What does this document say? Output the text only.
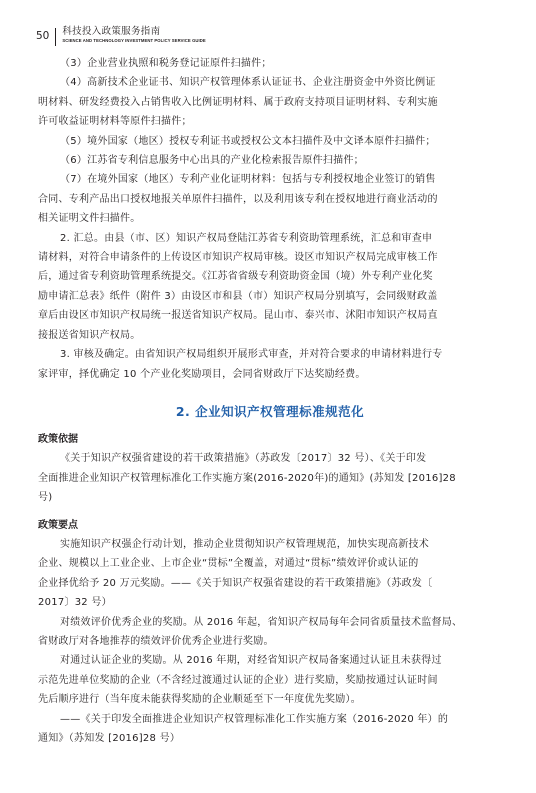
50 科技投入政策服务指南
SCIENCE AND TECHNOLOGY INVESTMENT POLICY SERVICE GUIDE

（3）企业营业执照和税务登记证原件扫描件；

（4）高新技术企业证书、知识产权管理体系认证证书、企业注册资金中外资比例证

明材料、研发经费投入占销售收入比例证明材料、属于政府支持项目证明材料、专利实施

许可收益证明材料等原件扫描件；

（5）境外国家（地区）授权专利证书或授权公文本扫描件及中文译本原件扫描件；

（6）江苏省专利信息服务中心出具的产业化检索报告原件扫描件；

（7）在境外国家（地区）专利产业化证明材料：包括与专利授权地企业签订的销售

合同、专利产品出口授权地报关单原件扫描件，以及利用该专利在授权地进行商业活动的

相关证明文件扫描件。

2. 汇总。由县（市、区）知识产权局登陆江苏省专利资助管理系统，汇总和审查申

请材料，对符合申请条件的上传设区市知识产权局审核。设区市知识产权局完成审核工作

后，通过省专利资助管理系统提交。《江苏省省级专利资助资金国（境）外专利产业化奖

励申请汇总表》纸件（附件 3）由设区市和县（市）知识产权局分别填写，会同级财政盖

章后由设区市知识产权局统一报送省知识产权局。昆山市、泰兴市、沭阳市知识产权局直

接报送省知识产权局。

3. 审核及确定。由省知识产权局组织开展形式审查，并对符合要求的申请材料进行专

家评审，择优确定 10 个产业化奖励项目，会同省财政厅下达奖励经费。

2. 企业知识产权管理标准规范化

政策依据

《关于知识产权强省建设的若干政策措施》（苏政发〔2017〕32 号）、《关于印发

全面推进企业知识产权管理标准化工作实施方案(2016-2020年)的通知》(苏知发 [2016]28

号)

政策要点

实施知识产权强企行动计划，推动企业贯彻知识产权管理规范，加快实现高新技术

企业、规模以上工业企业、上市企业“贯标”全覆盖，对通过“贯标”绩效评价或认证的

企业择优给予 20 万元奖励。——《关于知识产权强省建设的若干政策措施》（苏政发〔

2017〕32 号）

对绩效评价优秀企业的奖励。从 2016 年起，省知识产权局每年会同省质量技术监督局、

省财政厅对各地推荐的绩效评价优秀企业进行奖励。

对通过认证企业的奖励。从 2016 年期，对经省知识产权局备案通过认证且未获得过

示范先进单位奖励的企业（不含经过渡通过认证的企业）进行奖励，奖励按通过认证时间

先后顺序进行（当年度未能获得奖励的企业顺延至下一年度优先奖励）。

——《关于印发全面推进企业知识产权管理标准化工作实施方案（2016-2020 年）的

通知》（苏知发 [2016]28 号）
